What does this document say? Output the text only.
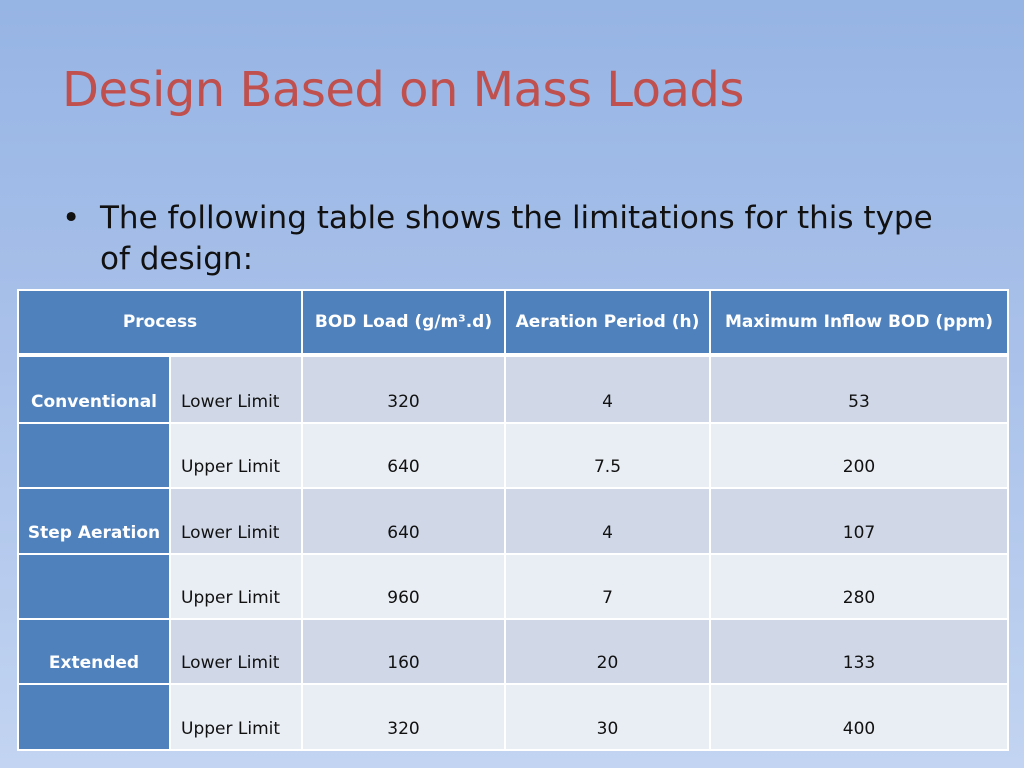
Design Based on Mass Loads
• The following table shows the limitations for this type of design:
Process		BOD Load (g/m³.d)	Aeration Period (h)	Maximum Inflow BOD (ppm)
Conventional	Lower Limit	320	4	53
	Upper Limit	640	7.5	200
Step Aeration	Lower Limit	640	4	107
	Upper Limit	960	7	280
Extended	Lower Limit	160	20	133
	Upper Limit	320	30	400
